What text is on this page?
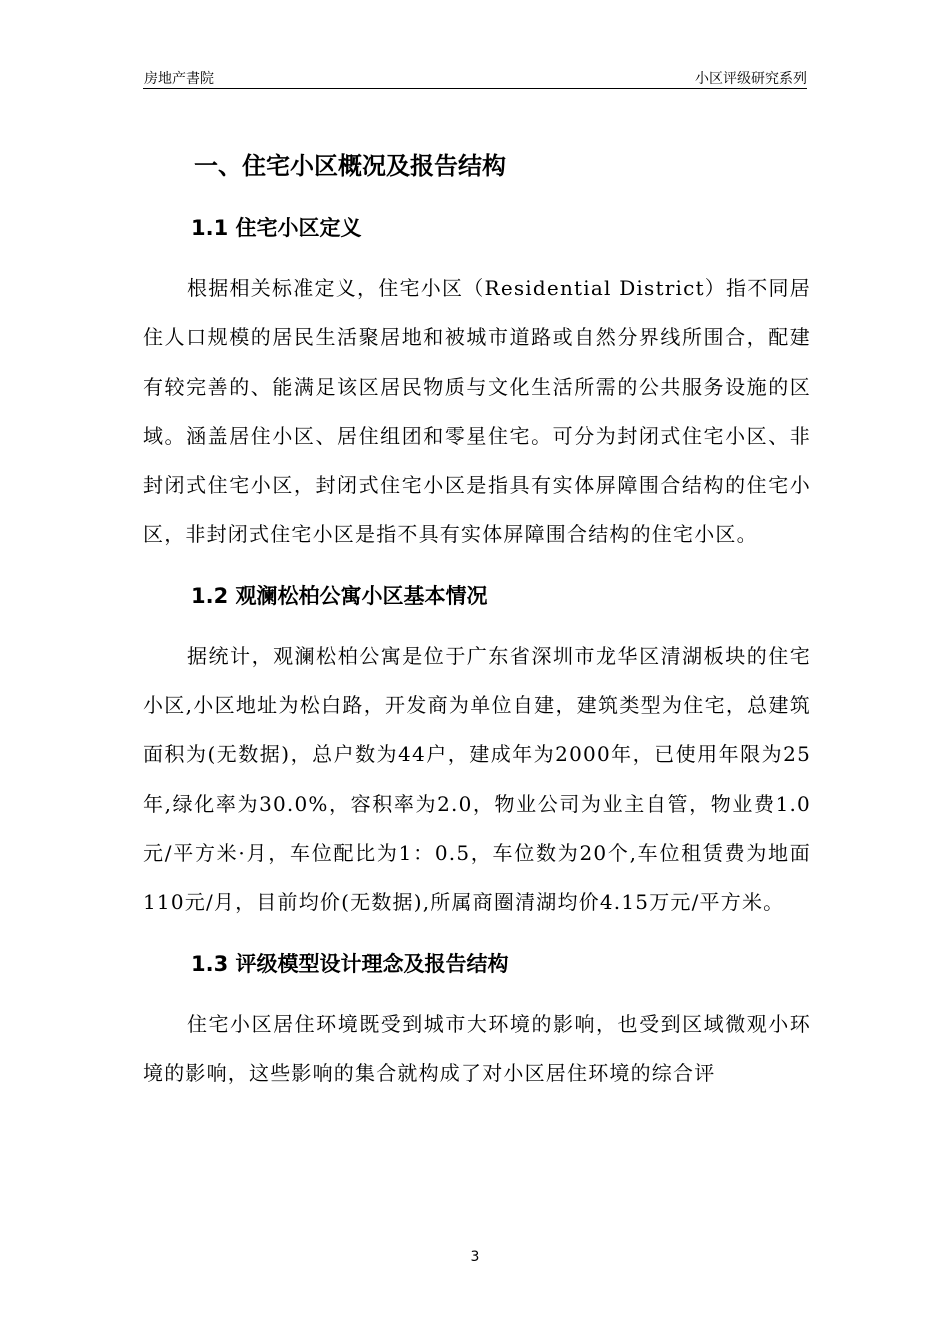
房地产書院	小区评级研究系列
一、住宅小区概况及报告结构
1.1 住宅小区定义

根据相关标准定义，住宅小区（Residential District）指不同居住人口规模的居民生活聚居地和被城市道路或自然分界线所围合，配建有较完善的、能满足该区居民物质与文化生活所需的公共服务设施的区域。涵盖居住小区、居住组团和零星住宅。可分为封闭式住宅小区、非封闭式住宅小区，封闭式住宅小区是指具有实体屏障围合结构的住宅小区，非封闭式住宅小区是指不具有实体屏障围合结构的住宅小区。

1.2 观澜松柏公寓小区基本情况

据统计，观澜松柏公寓是位于广东省深圳市龙华区清湖板块的住宅小区,小区地址为松白路，开发商为单位自建，建筑类型为住宅，总建筑面积为(无数据)，总户数为44户，建成年为2000年，已使用年限为25年,绿化率为30.0%，容积率为2.0，物业公司为业主自管，物业费1.0元/平方米·月，车位配比为1：0.5，车位数为20个,车位租赁费为地面110元/月，目前均价(无数据),所属商圈清湖均价4.15万元/平方米。

1.3 评级模型设计理念及报告结构

住宅小区居住环境既受到城市大环境的影响，也受到区域微观小环境的影响，这些影响的集合就构成了对小区居住环境的综合评

3
